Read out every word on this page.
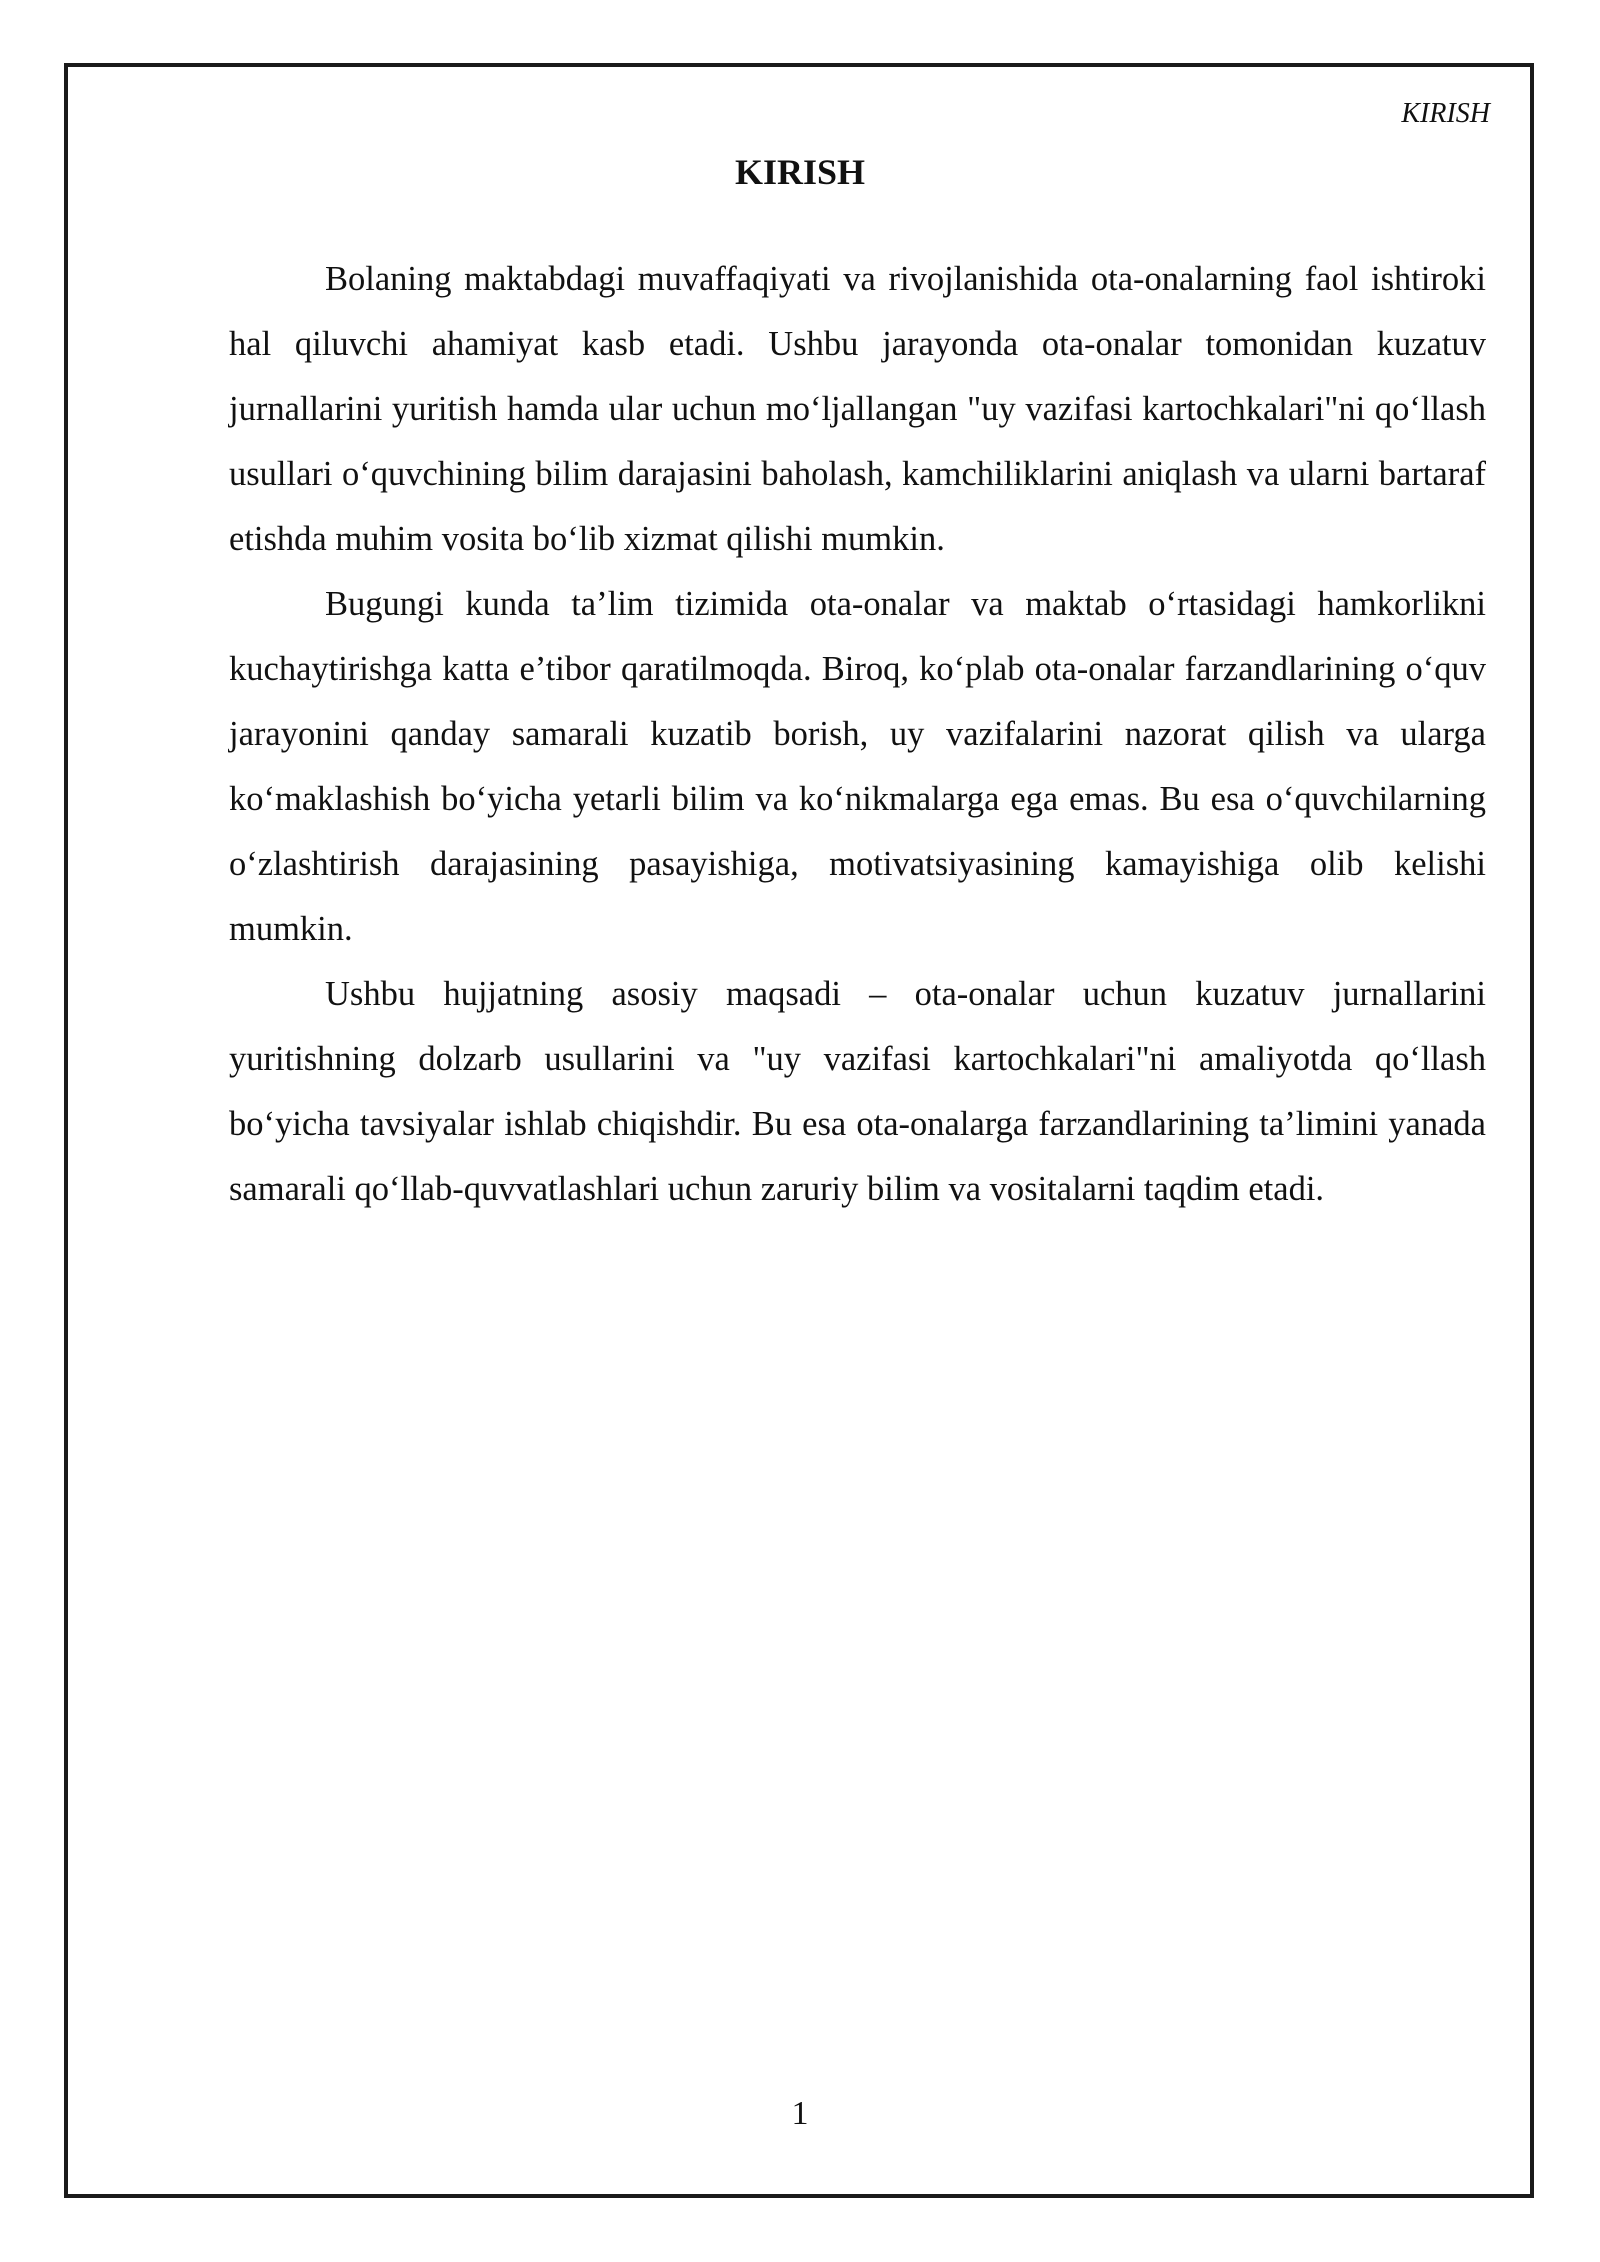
KIRISH
KIRISH

Bolaning maktabdagi muvaffaqiyati va rivojlanishida ota-onalarning faol ishtiroki hal qiluvchi ahamiyat kasb etadi. Ushbu jarayonda ota-onalar tomonidan kuzatuv jurnallarini yuritish hamda ular uchun mo‘ljallangan "uy vazifasi kartochkalari"ni qo‘llash usullari o‘quvchining bilim darajasini baholash, kamchiliklarini aniqlash va ularni bartaraf etishda muhim vosita bo‘lib xizmat qilishi mumkin.

Bugungi kunda ta’lim tizimida ota-onalar va maktab o‘rtasidagi hamkorlikni kuchaytirishga katta e’tibor qaratilmoqda. Biroq, ko‘plab ota-onalar farzandlarining o‘quv jarayonini qanday samarali kuzatib borish, uy vazifalarini nazorat qilish va ularga ko‘maklashish bo‘yicha yetarli bilim va ko‘nikmalarga ega emas. Bu esa o‘quvchilarning o‘zlashtirish darajasining pasayishiga, motivatsiyasining kamayishiga olib kelishi mumkin.

Ushbu hujjatning asosiy maqsadi – ota-onalar uchun kuzatuv jurnallarini yuritishning dolzarb usullarini va "uy vazifasi kartochkalari"ni amaliyotda qo‘llash bo‘yicha tavsiyalar ishlab chiqishdir. Bu esa ota-onalarga farzandlarining ta’limini yanada samarali qo‘llab-quvvatlashlari uchun zaruriy bilim va vositalarni taqdim etadi.

1
